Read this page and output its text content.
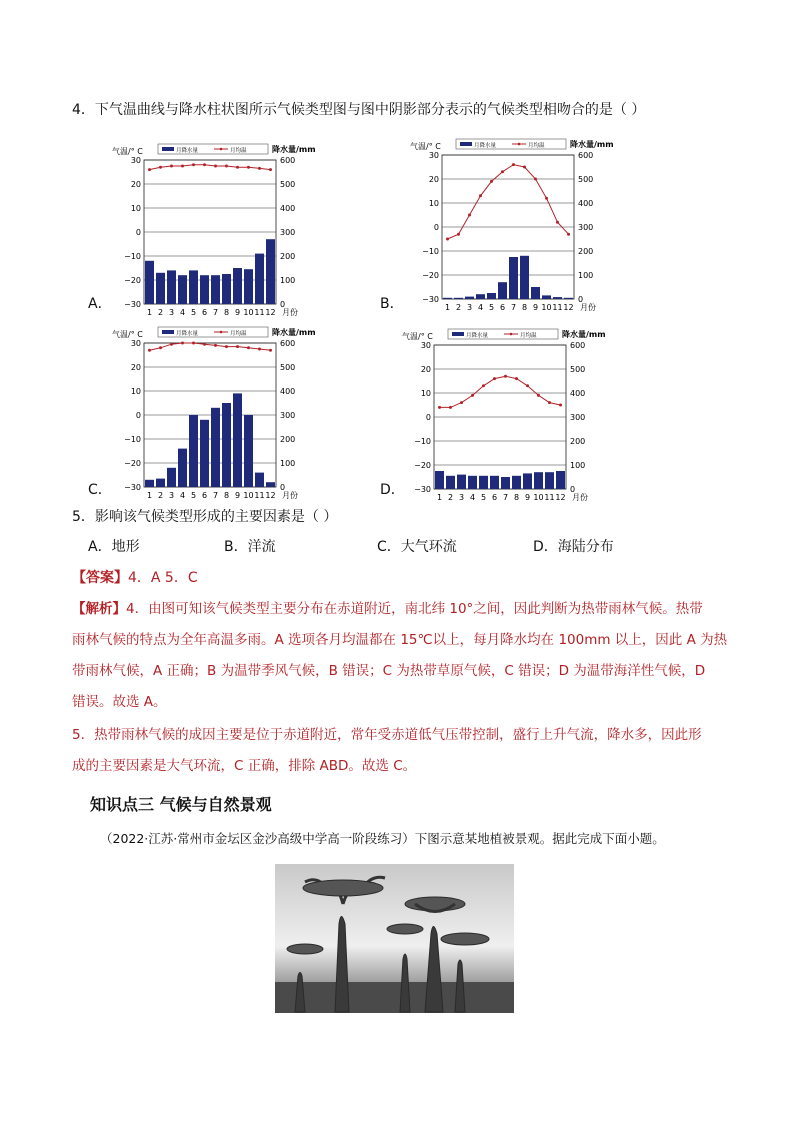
4．下气温曲线与降水柱状图所示气候类型图与图中阴影部分表示的气候类型相吻合的是（ ）
气温/° C	降水量/mm
月降水量	月均温
30	600
20	500
10	400
0	300
−10	200
−20	100
−30	0
1 2 3 4 5 6 7 8 9 10 11 12 月份
气温/° C	降水量/mm
月降水量	月均温
30	600
20	500
10	400
0	300
−10	200
−20	100
−30	0
1 2 3 4 5 6 7 8 9 10 11 12 月份
气温/° C	降水量/mm
月降水量	月均温
30	600
20	500
10	400
0	300
−10	200
−20	100
−30	0
1 2 3 4 5 6 7 8 9 10 11 12 月份
气温/° C	降水量/mm
月降水量	月均温
30	600
20	500
10	400
0	300
−10	200
−20	100
−30	0
1 2 3 4 5 6 7 8 9 10 11 12 月份
A．	B．
C．	D．
5．影响该气候类型形成的主要因素是（ ）
A．地形	B．洋流	C．大气环流	D．海陆分布
【答案】4．A 5．C
【解析】4．由图可知该气候类型主要分布在赤道附近，南北纬 10°之间，因此判断为热带雨林气候。热带
雨林气候的特点为全年高温多雨。A 选项各月均温都在 15℃以上，每月降水均在 100mm 以上，因此 A 为热
带雨林气候，A 正确；B 为温带季风气候，B 错误；C 为热带草原气候，C 错误；D 为温带海洋性气候，D
错误。故选 A。
5．热带雨林气候的成因主要是位于赤道附近，常年受赤道低气压带控制，盛行上升气流，降水多，因此形
成的主要因素是大气环流，C 正确，排除 ABD。故选 C。
知识点三 气候与自然景观
（2022·江苏·常州市金坛区金沙高级中学高一阶段练习）下图示意某地植被景观。据此完成下面小题。
